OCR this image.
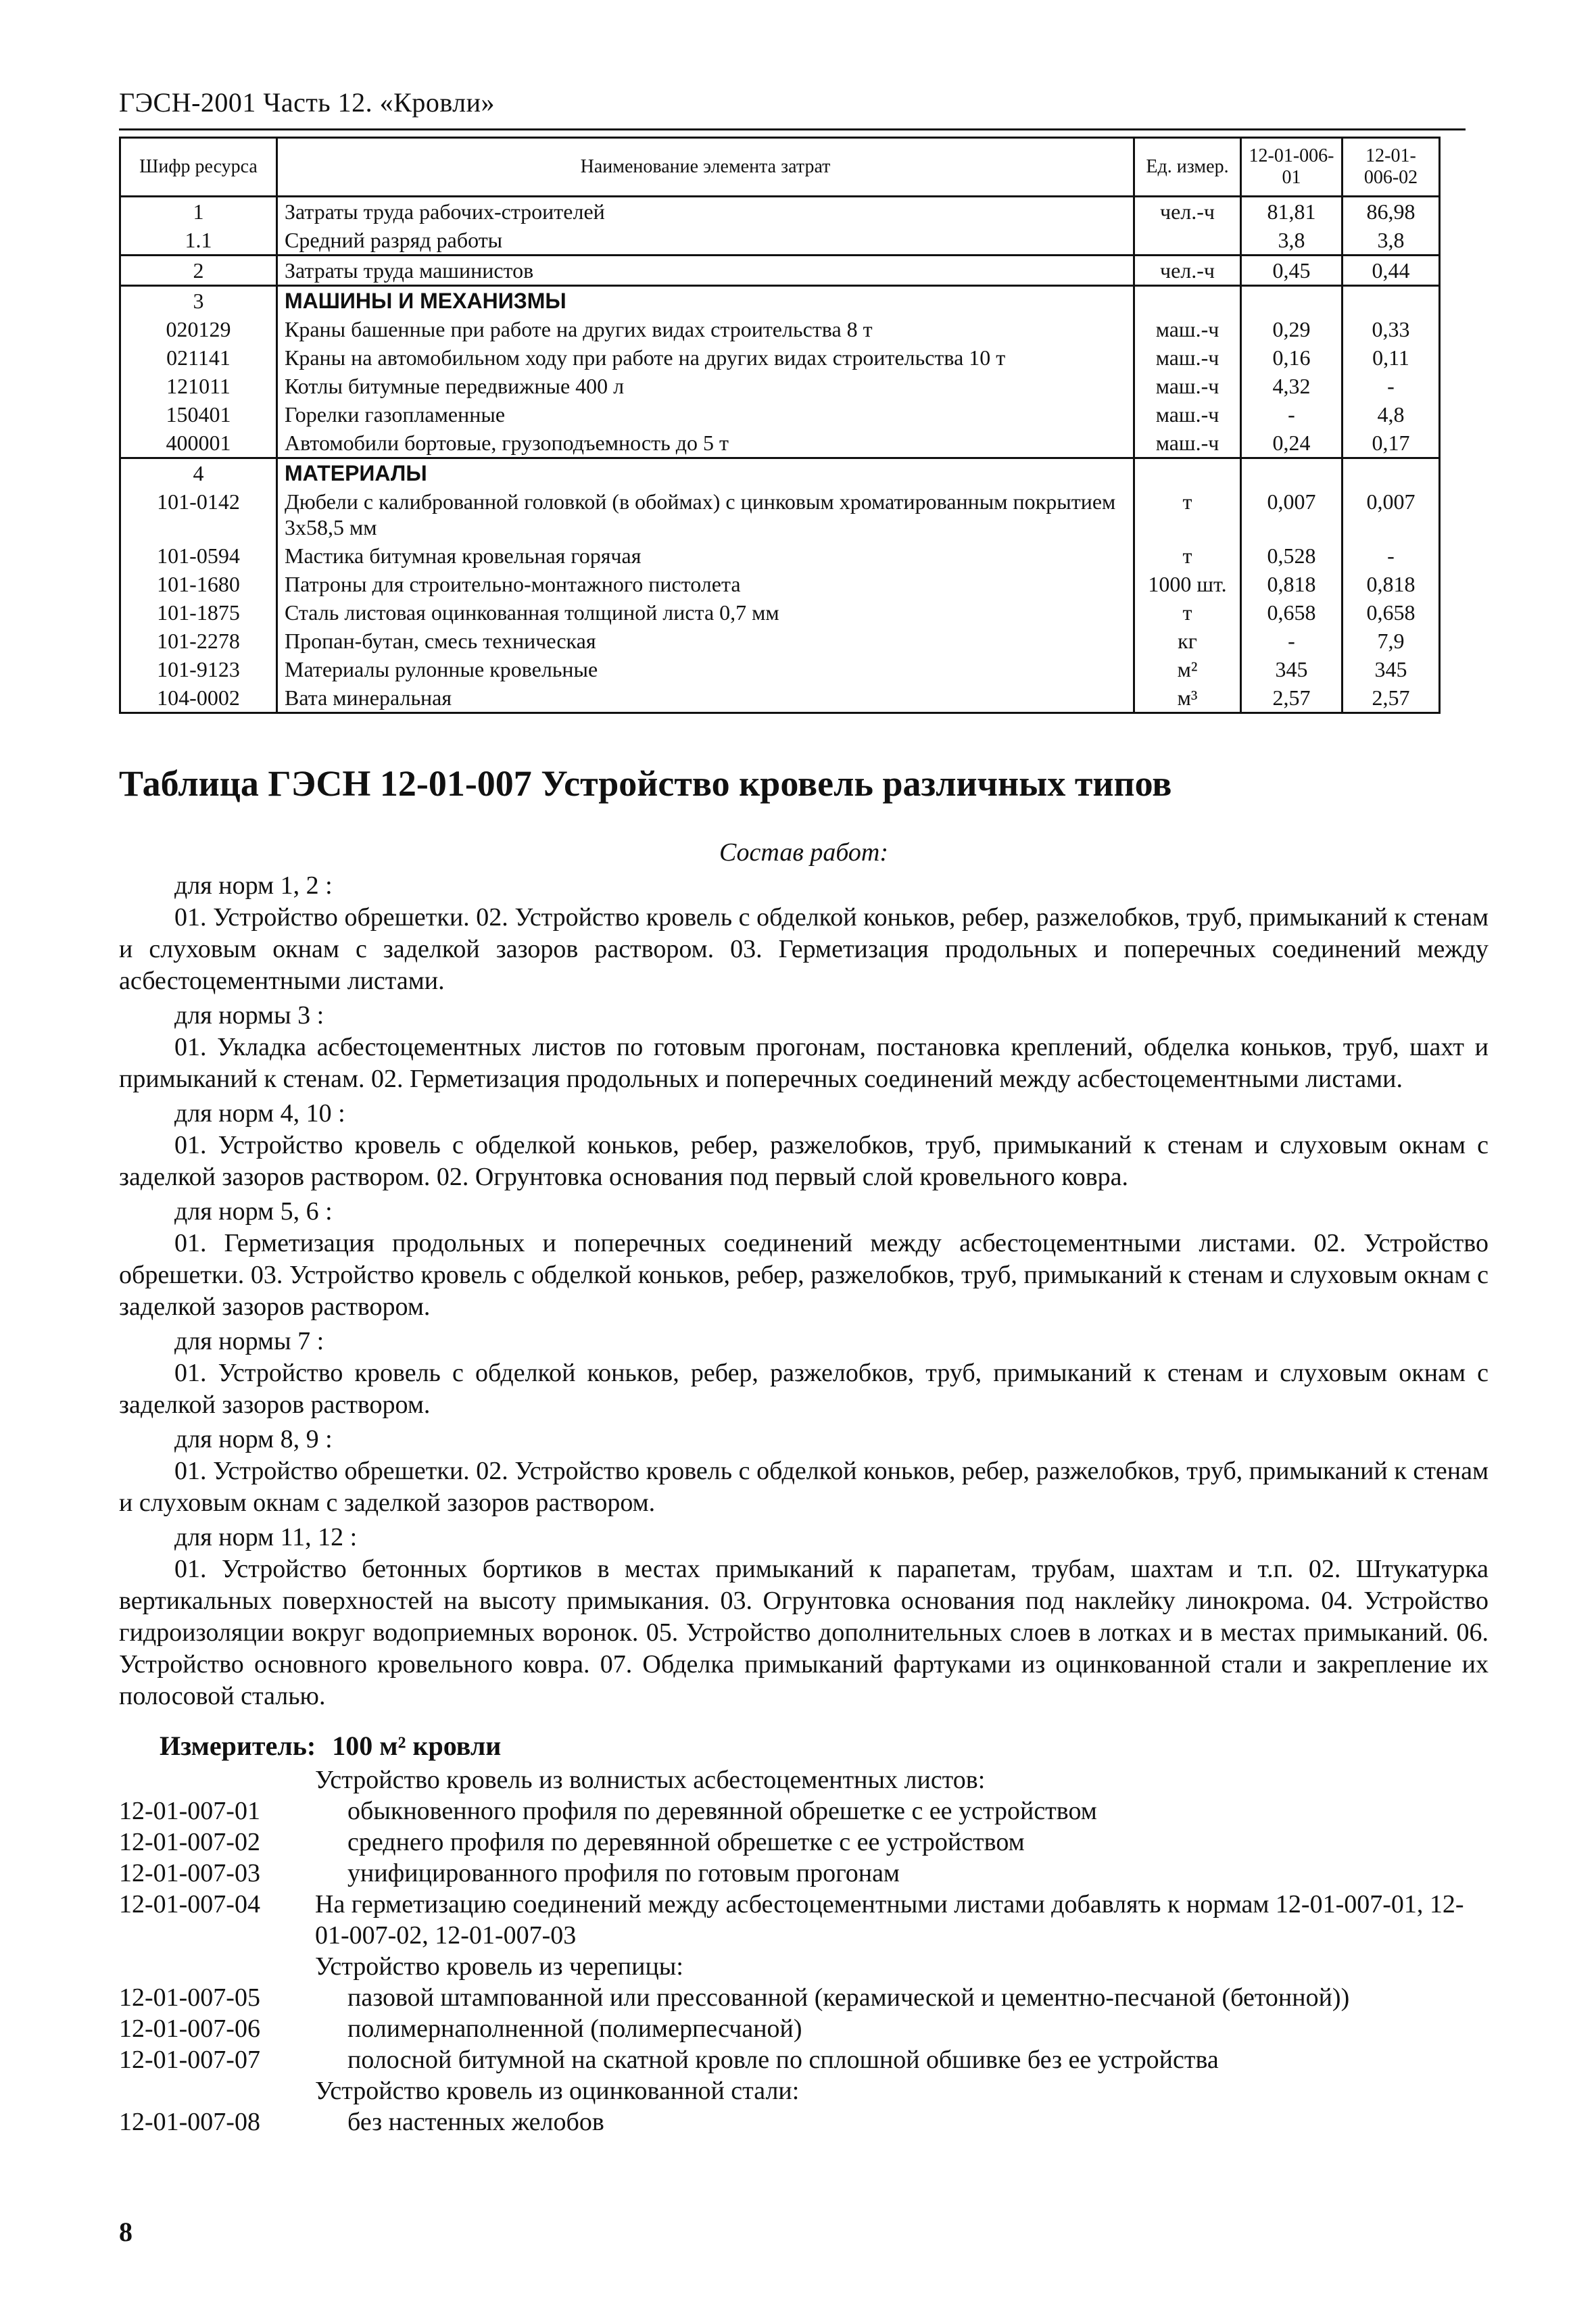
ГЭСН-2001 Часть 12. «Кровли»
Шифр ресурса	Наименование элемента затрат	Ед. измер.	12-01-006-01	12-01-006-02
1	Затраты труда рабочих-строителей	чел.-ч	81,81	86,98
1.1	Средний разряд работы		3,8	3,8
2	Затраты труда машинистов	чел.-ч	0,45	0,44
3	МАШИНЫ И МЕХАНИЗМЫ			
020129	Краны башенные при работе на других видах строительства 8 т	маш.-ч	0,29	0,33
021141	Краны на автомобильном ходу при работе на других видах строительства 10 т	маш.-ч	0,16	0,11
121011	Котлы битумные передвижные 400 л	маш.-ч	4,32	-
150401	Горелки газопламенные	маш.-ч	-	4,8
400001	Автомобили бортовые, грузоподъемность до 5 т	маш.-ч	0,24	0,17
4	МАТЕРИАЛЫ			
101-0142	Дюбели с калиброванной головкой (в обоймах) с цинковым хроматированным покрытием 3х58,5 мм	т	0,007	0,007
101-0594	Мастика битумная кровельная горячая	т	0,528	-
101-1680	Патроны для строительно-монтажного пистолета	1000 шт.	0,818	0,818
101-1875	Сталь листовая оцинкованная толщиной листа 0,7 мм	т	0,658	0,658
101-2278	Пропан-бутан, смесь техническая	кг	-	7,9
101-9123	Материалы рулонные кровельные	м²	345	345
104-0002	Вата минеральная	м³	2,57	2,57
Таблица ГЭСН 12-01-007 Устройство кровель различных типов
Состав работ:
для норм 1, 2 :
01. Устройство обрешетки. 02. Устройство кровель с обделкой коньков, ребер, разжелобков, труб, примыканий к стенам и слуховым окнам с заделкой зазоров раствором. 03. Герметизация продольных и поперечных соединений между асбестоцементными листами.
для нормы 3 :
01. Укладка асбестоцементных листов по готовым прогонам, постановка креплений, обделка коньков, труб, шахт и примыканий к стенам. 02. Герметизация продольных и поперечных соединений между асбестоцементными листами.
для норм 4, 10 :
01. Устройство кровель с обделкой коньков, ребер, разжелобков, труб, примыканий к стенам и слуховым окнам с заделкой зазоров раствором. 02. Огрунтовка основания под первый слой кровельного ковра.
для норм 5, 6 :
01. Герметизация продольных и поперечных соединений между асбестоцементными листами. 02. Устройство обрешетки. 03. Устройство кровель с обделкой коньков, ребер, разжелобков, труб, примыканий к стенам и слуховым окнам с заделкой зазоров раствором.
для нормы 7 :
01. Устройство кровель с обделкой коньков, ребер, разжелобков, труб, примыканий к стенам и слуховым окнам с заделкой зазоров раствором.
для норм 8, 9 :
01. Устройство обрешетки. 02. Устройство кровель с обделкой коньков, ребер, разжелобков, труб, примыканий к стенам и слуховым окнам с заделкой зазоров раствором.
для норм 11, 12 :
01. Устройство бетонных бортиков в местах примыканий к парапетам, трубам, шахтам и т.п. 02. Штукатурка вертикальных поверхностей на высоту примыкания. 03. Огрунтовка основания под наклейку линокрома. 04. Устройство гидроизоляции вокруг водоприемных воронок. 05. Устройство дополнительных слоев в лотках и в местах примыканий. 06. Устройство основного кровельного ковра. 07. Обделка примыканий фартуками из оцинкованной стали и закрепление их полосовой сталью.
Измеритель: 100 м² кровли
Устройство кровель из волнистых асбестоцементных листов:
12-01-007-01	обыкновенного профиля по деревянной обрешетке с ее устройством
12-01-007-02	среднего профиля по деревянной обрешетке с ее устройством
12-01-007-03	унифицированного профиля по готовым прогонам
12-01-007-04	На герметизацию соединений между асбестоцементными листами добавлять к нормам 12-01-007-01, 12-01-007-02, 12-01-007-03
Устройство кровель из черепицы:
12-01-007-05	пазовой штампованной или прессованной (керамической и цементно-песчаной (бетонной))
12-01-007-06	полимернаполненной (полимерпесчаной)
12-01-007-07	полосной битумной на скатной кровле по сплошной обшивке без ее устройства
Устройство кровель из оцинкованной стали:
12-01-007-08	без настенных желобов
8
